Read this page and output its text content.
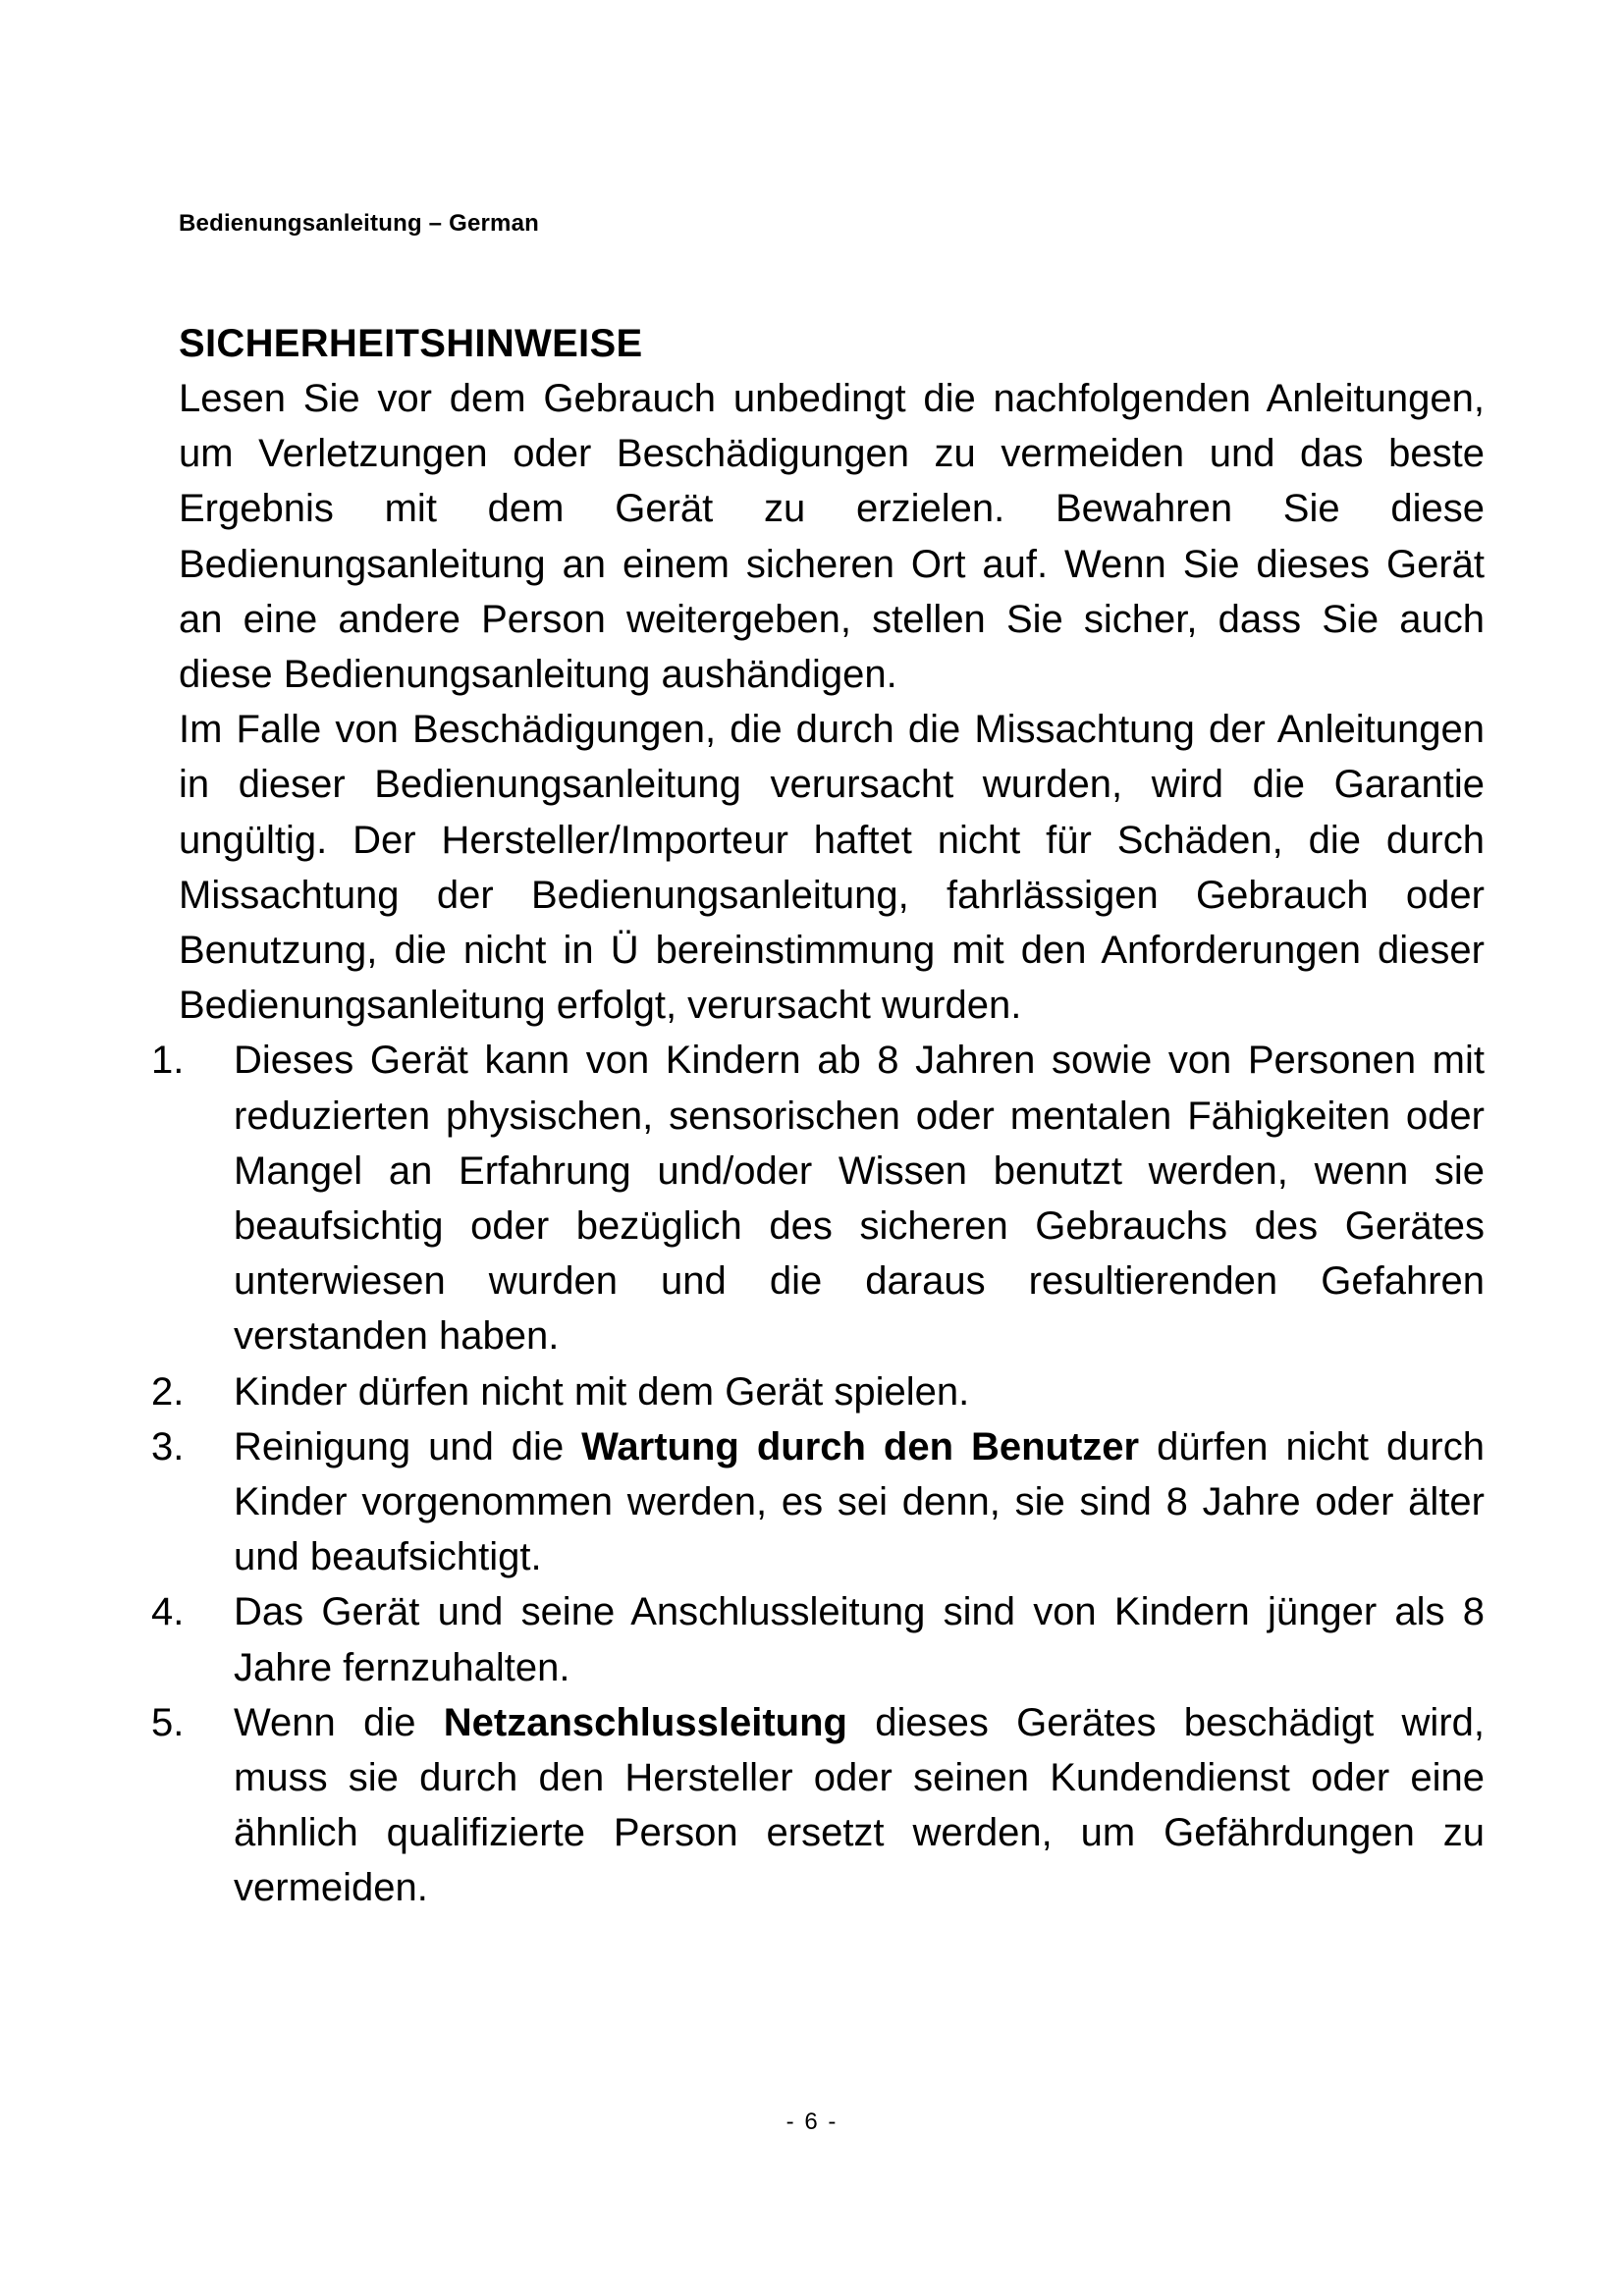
Bedienungsanleitung – German
SICHERHEITSHINWEISE

Lesen Sie vor dem Gebrauch unbedingt die nachfolgenden Anleitungen, um Verletzungen oder Beschädigungen zu vermeiden und das beste Ergebnis mit dem Gerät zu erzielen. Bewahren Sie diese Bedienungsanleitung an einem sicheren Ort auf. Wenn Sie dieses Gerät an eine andere Person weitergeben, stellen Sie sicher, dass Sie auch diese Bedienungsanleitung aushändigen.

Im Falle von Beschädigungen, die durch die Missachtung der Anleitungen in dieser Bedienungsanleitung verursacht wurden, wird die Garantie ungültig. Der Hersteller/Importeur haftet nicht für Schäden, die durch Missachtung der Bedienungsanleitung, fahrlässigen Gebrauch oder Benutzung, die nicht in Ü bereinstimmung mit den Anforderungen dieser Bedienungsanleitung erfolgt, verursacht wurden.

1.	Dieses Gerät kann von Kindern ab 8 Jahren sowie von Personen mit reduzierten physischen, sensorischen oder mentalen Fähigkeiten oder Mangel an Erfahrung und/oder Wissen benutzt werden, wenn sie beaufsichtig oder bezüglich des sicheren Gebrauchs des Gerätes unterwiesen wurden und die daraus resultierenden Gefahren verstanden haben.
2.	Kinder dürfen nicht mit dem Gerät spielen.
3.	Reinigung und die Wartung durch den Benutzer dürfen nicht durch Kinder vorgenommen werden, es sei denn, sie sind 8 Jahre oder älter und beaufsichtigt.
4.	Das Gerät und seine Anschlussleitung sind von Kindern jünger als 8 Jahre fernzuhalten.
5.	Wenn die Netzanschlussleitung dieses Gerätes beschädigt wird, muss sie durch den Hersteller oder seinen Kundendienst oder eine ähnlich qualifizierte Person ersetzt werden, um Gefährdungen zu vermeiden.
- 6 -
